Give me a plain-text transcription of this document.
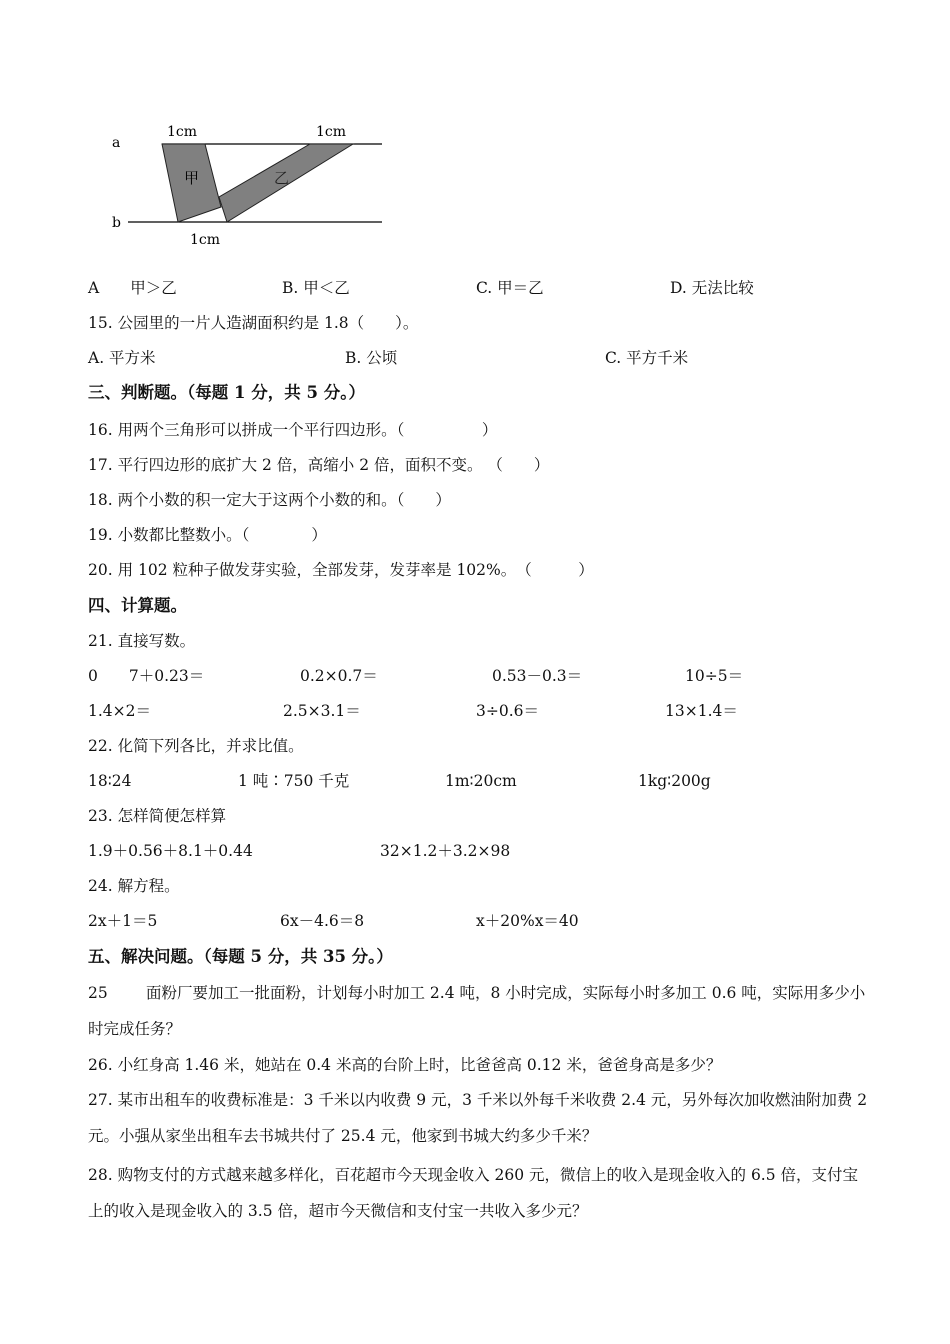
a
b
1cm	1cm
1cm
甲	乙
A　　甲＞乙	B. 甲＜乙	C. 甲＝乙	D. 无法比较
15. 公园里的一片人造湖面积约是 1.8（　　）。
A. 平方米	B. 公顷	C. 平方千米
三、判断题。（每题 1 分，共 5 分。）
16. 用两个三角形可以拼成一个平行四边形。（　　　　　）
17. 平行四边形的底扩大 2 倍，高缩小 2 倍，面积不变。 （　　）
18. 两个小数的积一定大于这两个小数的和。（　　）
19. 小数都比整数小。（　　　　）
20. 用 102 粒种子做发芽实验，全部发芽，发芽率是 102%。　（　　　）
四、计算题。
21. 直接写数。
0　　7＋0.23＝	0.2×0.7＝	0.53－0.3＝	10÷5＝
1.4×2＝	2.5×3.1＝	3÷0.6＝	13×1.4＝
22. 化简下列各比，并求比值。
18∶24	1 吨∶750 千克	1m∶20cm	1kg∶200g
23. 怎样简便怎样算
1.9＋0.56＋8.1＋0.44	32×1.2＋3.2×98
24. 解方程。
2x＋1＝5	6x－4.6＝8	x＋20%x＝40
五、解决问题。（每题 5 分，共 35 分。）
25 面粉厂要加工一批面粉，计划每小时加工 2.4 吨，8 小时完成，实际每小时多加工 0.6 吨，实际用多少小时完成任务？
26. 小红身高 1.46 米，她站在 0.4 米高的台阶上时，比爸爸高 0.12 米，爸爸身高是多少？
27. 某市出租车的收费标准是：3 千米以内收费 9 元，3 千米以外每千米收费 2.4 元，另外每次加收燃油附加费 2 元。小强从家坐出租车去书城共付了 25.4 元，他家到书城大约多少千米？
28. 购物支付的方式越来越多样化，百花超市今天现金收入 260 元，微信上的收入是现金收入的 6.5 倍，支付宝上的收入是现金收入的 3.5 倍，超市今天微信和支付宝一共收入多少元？
